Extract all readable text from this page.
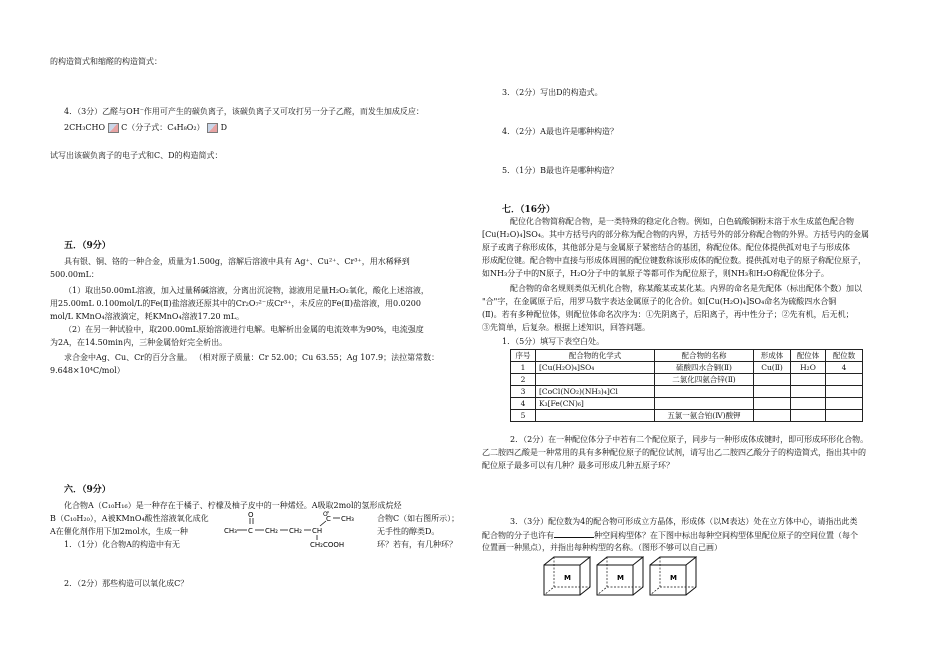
的构造简式和缩醛的构造简式：
4．（3分）乙醛与OH⁻作用可产生的碳负离子，该碳负离子又可攻打另一分子乙醛，而发生加成反应：
2CH₃CHO C（分子式：C₄H₈O₂） D
试写出该碳负离子的电子式和C、D的构造简式：
五．（9分）
具有银、铜、铬的一种合金，质量为1.500g，溶解后溶液中具有 Ag⁺、Cu²⁺、Cr³⁺，用水稀释到
500.00mL：
（1）取出50.00mL溶液，加入过量稀碱溶液，分离出沉淀物，滤液用足量H₂O₂氧化，酸化上述溶液，
用25.00mL 0.100mol/L的Fe(Ⅱ)盐溶液还原其中的Cr₂O₇²⁻成Cr³⁺，未反应的Fe(Ⅱ)盐溶液，用0.0200
mol/L KMnO₄溶液滴定，耗KMnO₄溶液17.20 mL。
（2）在另一种试验中，取200.00mL原始溶液进行电解。电解析出金属的电流效率为90%，电流强度
为2A，在14.50min内，三种金属恰好完全析出。
求合金中Ag、Cu、Cr的百分含量。 （相对原子质量：Cr 52.00；Cu 63.55；Ag 107.9；法拉第常数：
9.648×10⁴C/mol）
六．（9分）
化合物A（C₁₀H₁₆）是一种存在于橘子、柠檬及柚子皮中的一种烯烃。A吸取2mol的氢形成烷烃
B（C₁₀H₂₀），A被KMnO₄酸性溶液氧化成化	合物C（如右图所示）；
A在催化剂作用下加2mol水，生成一种	无手性的醇类D。
1．（1分）化合物A的构造中有无	环？若有，有几种环？
CH₃ C
O
CH₂ CH₂ CH
C
O
CH₃
CH₂COOH
2．（2分）那些构造可以氧化成C？
3．（2分）写出D的构造式。
4．（2分）A最也许是哪种构造？
5．（1分）B最也许是哪种构造？
七．（16分）
配位化合物简称配合物，是一类特殊的稳定化合物。例如，白色硫酸铜粉末溶于水生成蓝色配合物
[Cu(H₂O)₄]SO₄。其中方括号内的部分称为配合物的内界，方括号外的部分称配合物的外界。方括号内的金属
原子或离子称形成体，其他部分是与金属原子紧密结合的基团，称配位体。配位体提供孤对电子与形成体
形成配位键。配合物中直接与形成体周围的配位键数称该形成体的配位数。提供孤对电子的原子称配位原子，
如NH₃分子中的N原子，H₂O分子中的氧原子等都可作为配位原子，则NH₃和H₂O称配位体分子。
配合物的命名规则类似无机化合物，称某酸某或某化某。内界的命名是先配体（标出配体个数）加以
"合"字，在金属原子后，用罗马数字表达金属原子的化合价。如[Cu(H₂O)₄]SO₄命名为硫酸四水合铜
(Ⅱ)。若有多种配位体，则配位体命名次序为：①先阴离子，后阳离子，再中性分子；②先有机，后无机；
③先简单，后复杂。根据上述知识，回答问题。
1．（5分）填写下表空白处。
序号	配合物的化学式	配合物的名称	形成体	配位体	配位数
1	[Cu(H₂O)₄]SO₄	硫酸四水合铜(Ⅱ)	Cu(Ⅱ)	H₂O	4
2		二氯化四氨合锌(Ⅱ)			
3	[CoCl(NO₂)(NH₃)₄]Cl				
4	K₃[Fe(CN)₆]				
5		五氯一氨合铂(Ⅳ)酸钾			
2．（2分）在一种配位体分子中若有二个配位原子，同步与一种形成体成键时，即可形成环形化合物。
乙二胺四乙酸是一种常用的具有多种配位原子的配位试剂，请写出乙二胺四乙酸分子的构造简式，指出其中的
配位原子最多可以有几种？最多可形成几种五原子环？
3．（3分）配位数为4的配合物可形成立方晶体，形成体（以M表达）处在立方体中心，请指出此类
配合物的分子也许有	种空间构型体？在下图中标出每种空间构型体里配位原子的空间位置（每个
位置画一种黑点），并指出每种构型的名称。（图形不够可以自己画）
M	M	M
